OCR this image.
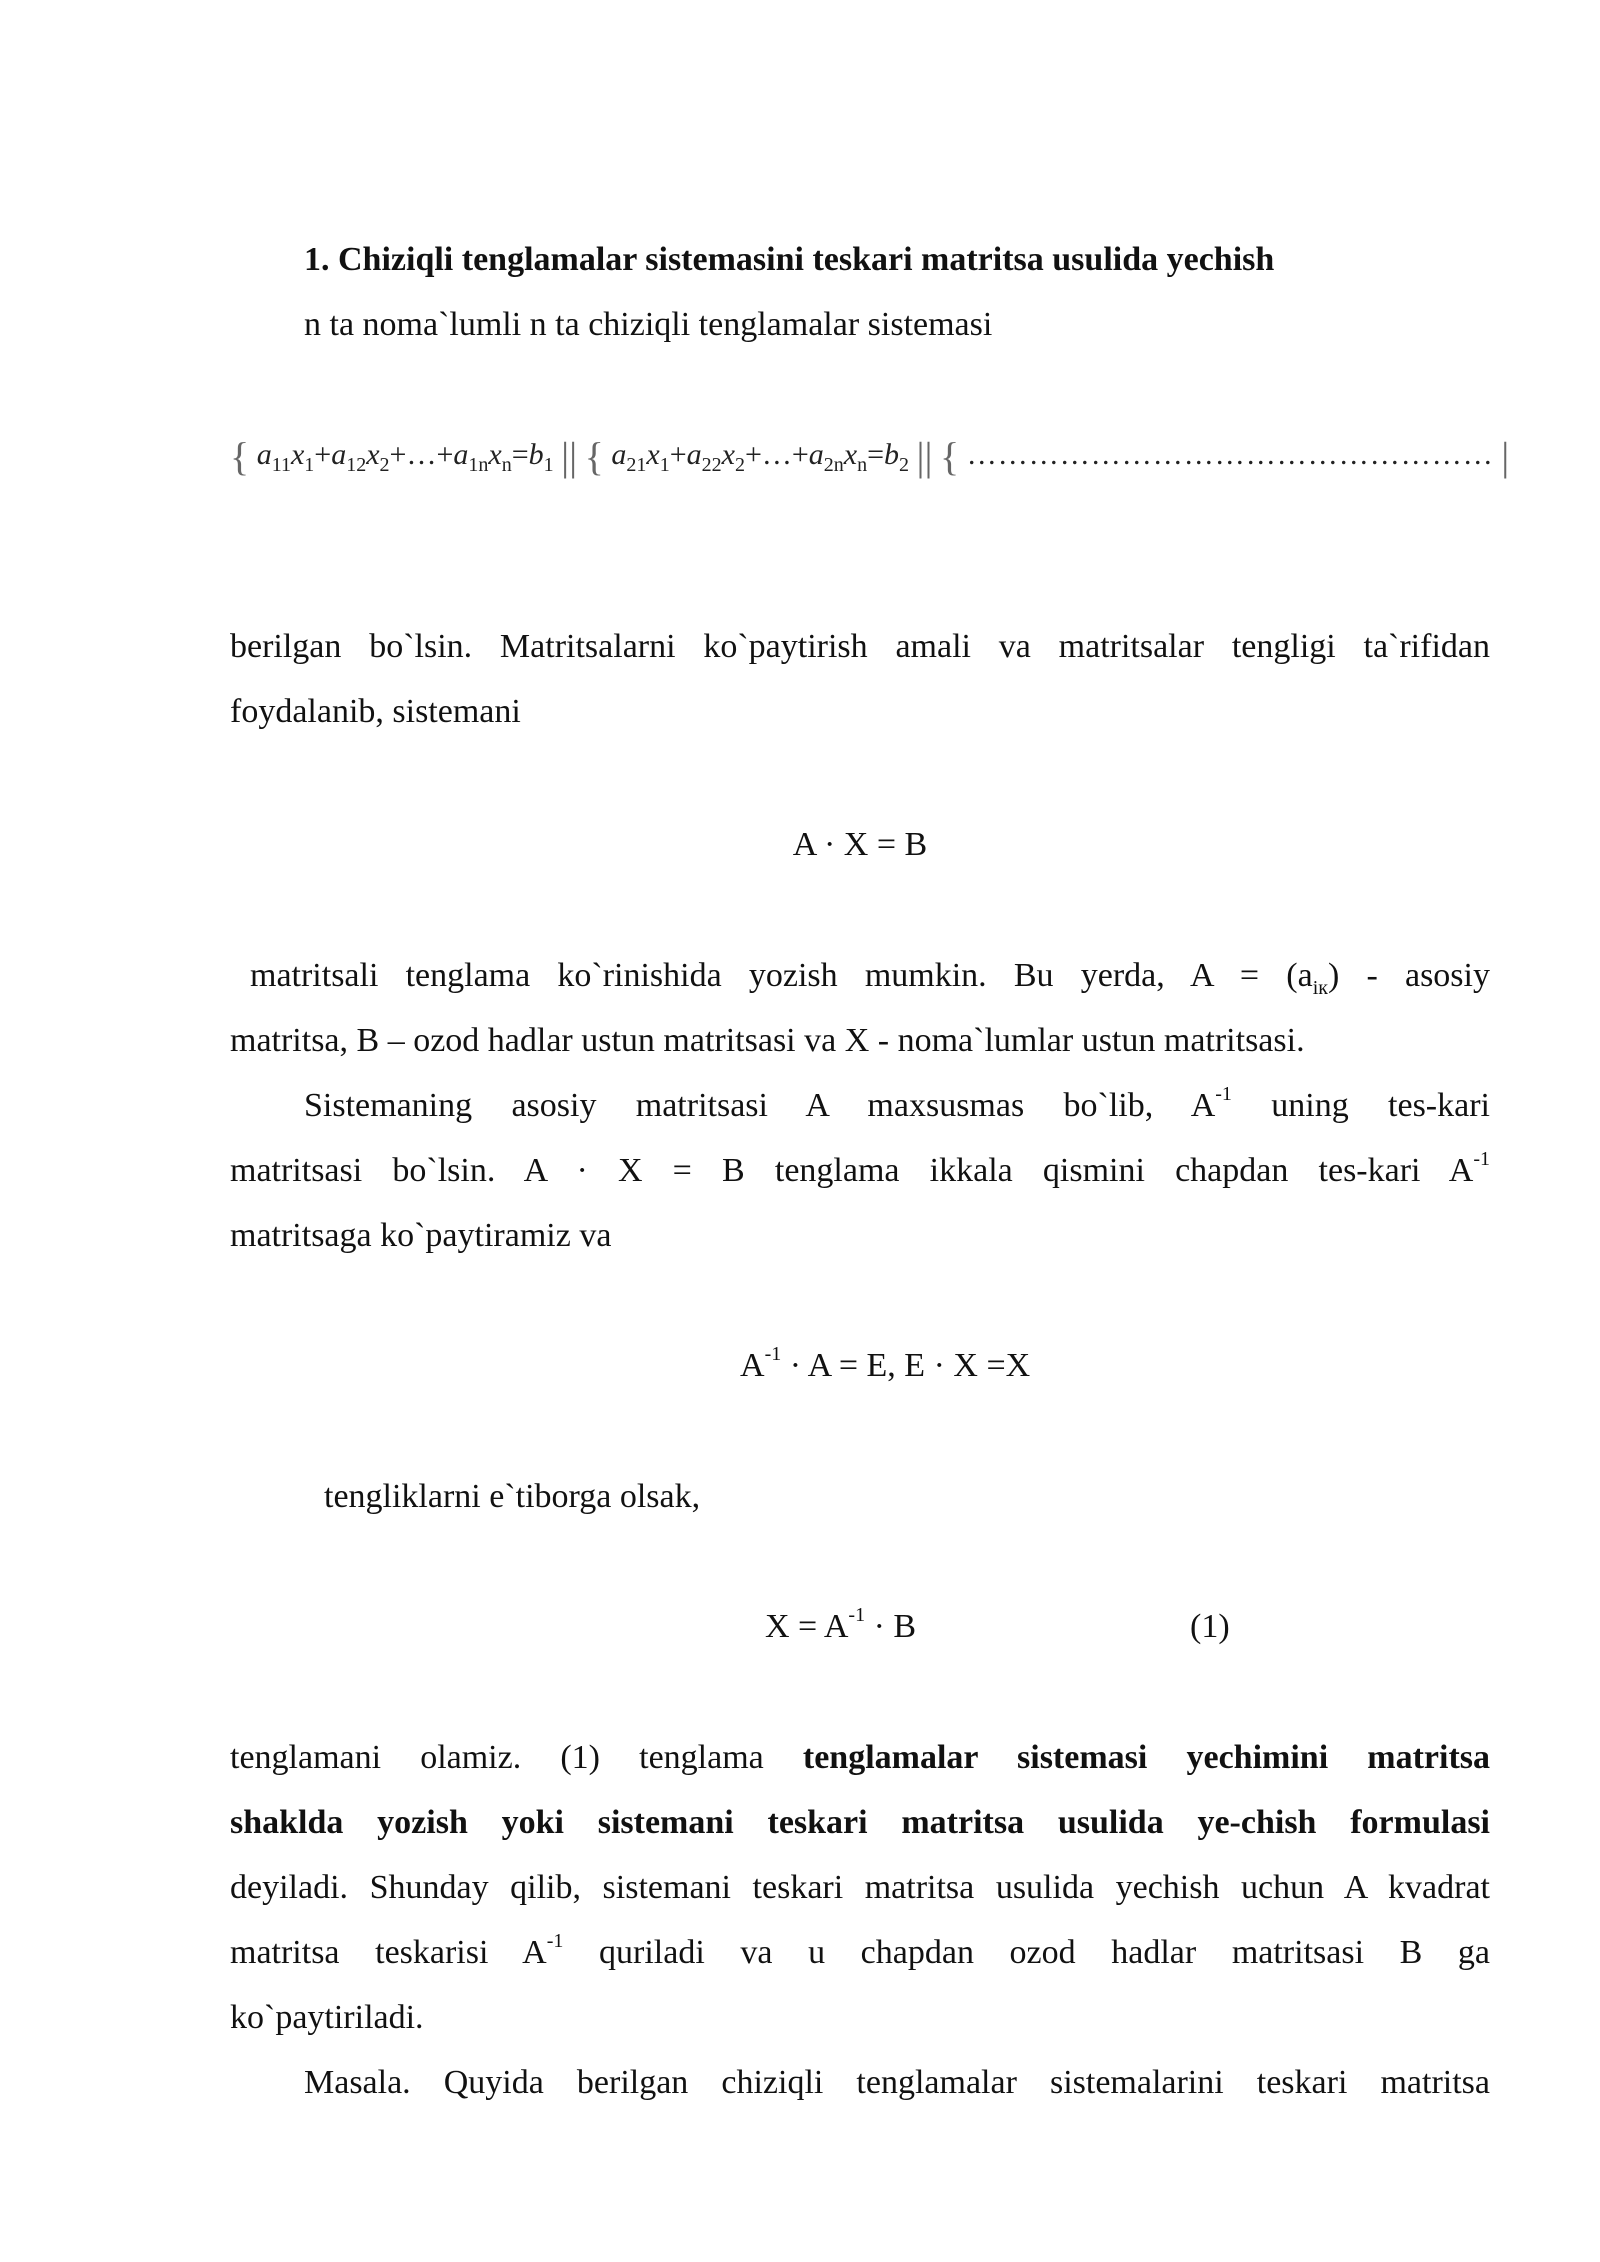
1. Chiziqli tenglamalar sistemasini teskari matritsa usulida yechish
n ta noma`lumli n ta chiziqli tenglamalar sistemasi
{ $a_{11}x_1+a_{12}x_2+\dots+a_{1n}x_n=b_1$ || { $a_{21}x_1+a_{22}x_2+\dots+a_{2n}x_n=b_2$ || { …………………………………………… |
berilgan bo`lsin. Matritsalarni ko`paytirish amali va matritsalar tengligi ta`rifidan
foydalanib, sistemani
A · X = B
matritsali tenglama ko`rinishida yozish mumkin. Bu yerda, $A = (a_{iк})$ - asosiy
matritsa, B – ozod hadlar ustun matritsasi va X - noma`lumlar ustun matritsasi.
Sistemaning asosiy matritsasi A maxsusmas bo`lib, $A^{-1}$ uning tes-kari
matritsasi bo`lsin. A · X = B tenglama ikkala qismini chapdan tes-kari $A^{-1}$
matritsaga ko`paytiramiz va
$A^{-1} \cdot A = E$, E · X =X
tengliklarni e`tiborga olsak,
$X = A^{-1} \cdot B$	(1)
tenglamani olamiz. (1) tenglama tenglamalar sistemasi yechimini matritsa
shaklda yozish yoki sistemani teskari matritsa usulida ye-chish formulasi
deyiladi. Shunday qilib, sistemani teskari matritsa usulida yechish uchun A kvadrat
matritsa teskarisi $A^{-1}$ quriladi va u chapdan ozod hadlar matritsasi B ga
ko`paytiriladi.
Masala. Quyida berilgan chiziqli tenglamalar sistemalarini teskari matritsa
